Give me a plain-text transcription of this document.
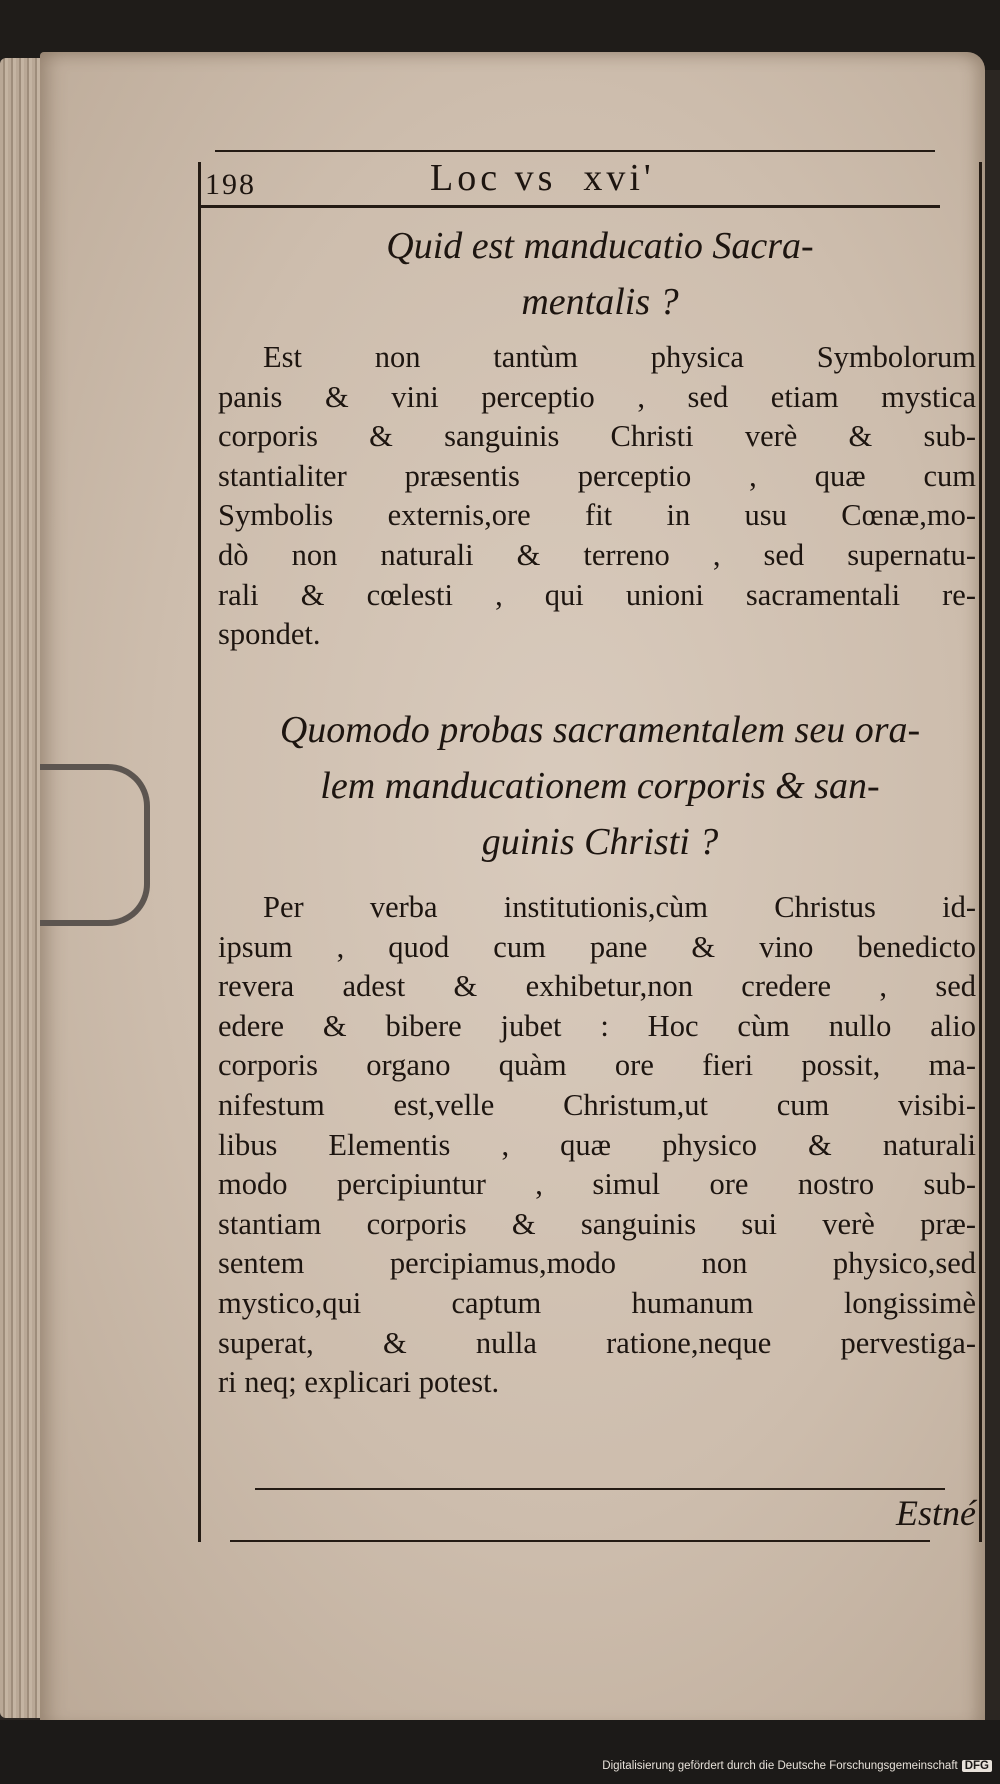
198	Loc vs  xvi'
Quid est manducatio Sacra-
mentalis ?
Est non tantùm physica Symbolorum
panis & vini perceptio , sed etiam mystica
corporis & sanguinis Christi verè & sub-
stantialiter præsentis perceptio , quæ cum
Symbolis externis,ore fit in usu Cœnæ,mo-
dò non naturali & terreno , sed supernatu-
rali & cœlesti , qui unioni sacramentali re-
spondet.
Quomodo probas sacramentalem seu ora-
lem manducationem corporis & san-
guinis Christi ?
Per verba institutionis,cùm Christus id-
ipsum , quod cum pane & vino benedicto
revera adest & exhibetur,non credere , sed
edere & bibere jubet : Hoc cùm nullo alio
corporis organo quàm ore fieri possit, ma-
nifestum est,velle Christum,ut cum visibi-
libus Elementis , quæ physico & naturali
modo percipiuntur , simul ore nostro sub-
stantiam corporis & sanguinis sui verè præ-
sentem percipiamus,modo non physico,sed
mystico,qui captum humanum longissimè
superat, & nulla ratione,neque pervestiga-
ri neq; explicari potest.
Estné
Digitalisierung gefördert durch die Deutsche Forschungsgemeinschaft DFG
